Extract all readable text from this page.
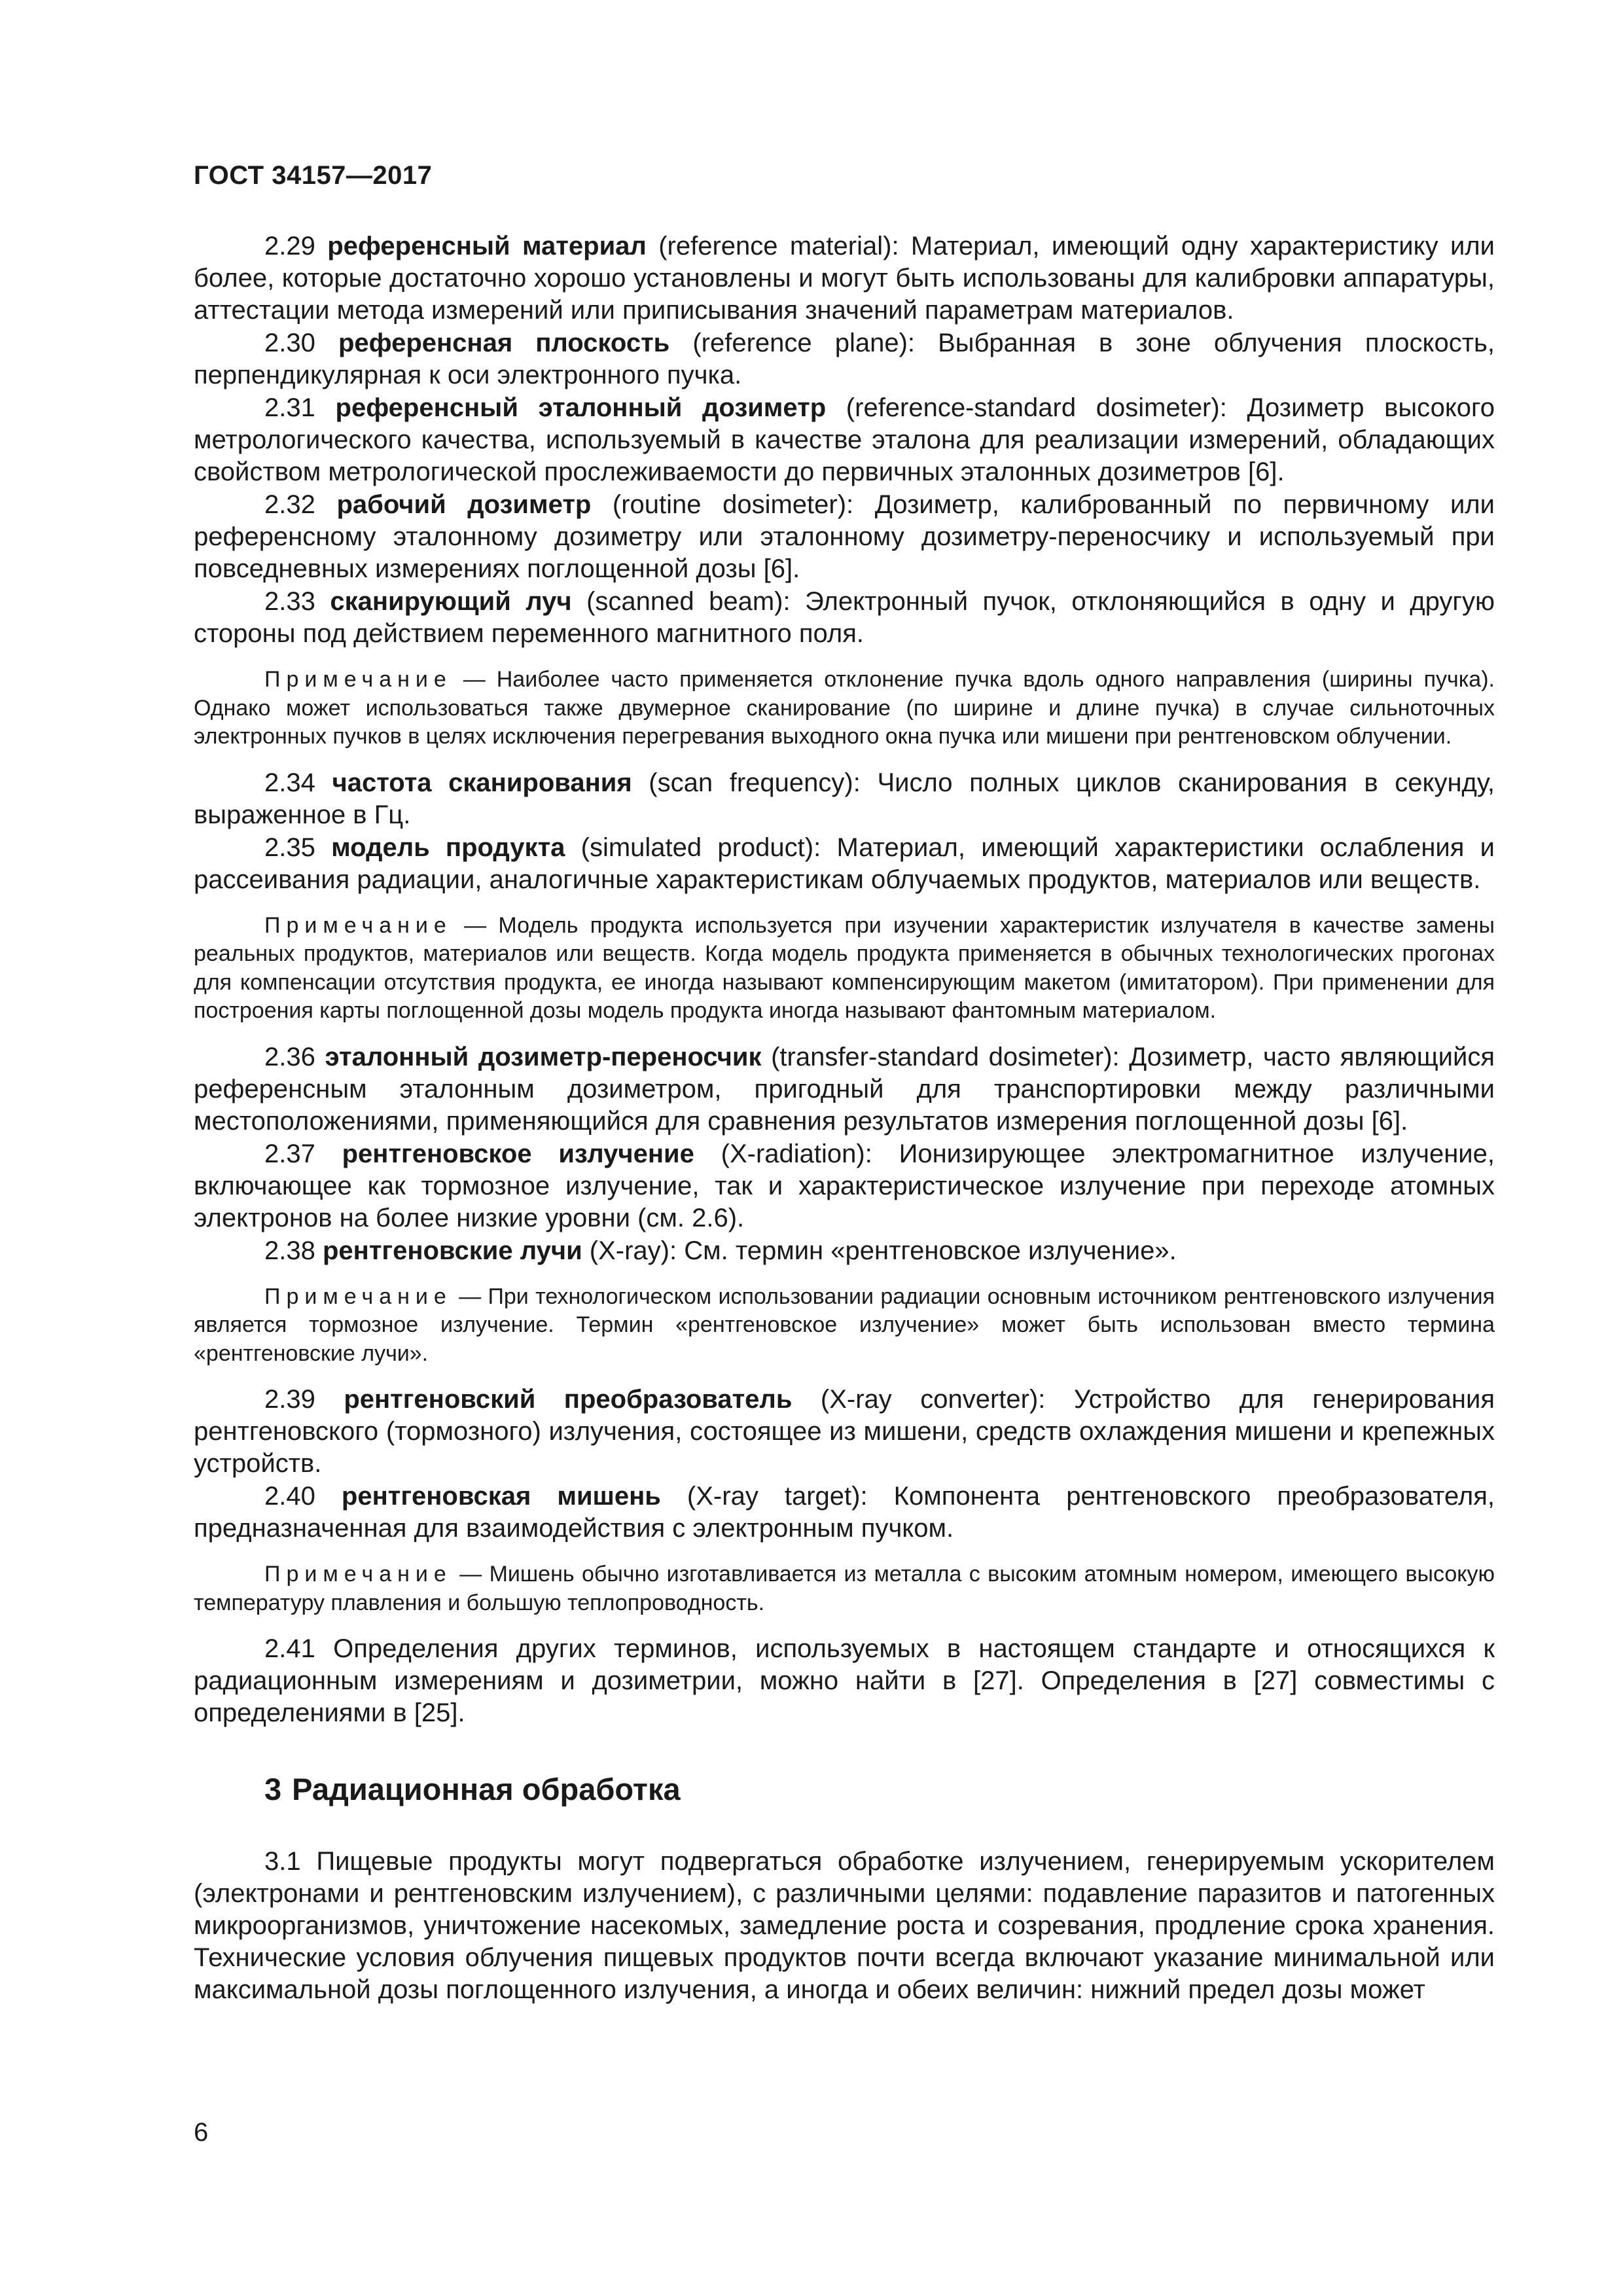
ГОСТ 34157—2017

2.29 референсный материал (reference material): Материал, имеющий одну характеристику или более, которые достаточно хорошо установлены и могут быть использованы для калибровки аппаратуры, аттестации метода измерений или приписывания значений параметрам материалов.

2.30 референсная плоскость (reference plane): Выбранная в зоне облучения плоскость, перпендикулярная к оси электронного пучка.

2.31 референсный эталонный дозиметр (reference-standard dosimeter): Дозиметр высокого метрологического качества, используемый в качестве эталона для реализации измерений, обладающих свойством метрологической прослеживаемости до первичных эталонных дозиметров [6].

2.32 рабочий дозиметр (routine dosimeter): Дозиметр, калиброванный по первичному или референсному эталонному дозиметру или эталонному дозиметру-переносчику и используемый при повседневных измерениях поглощенной дозы [6].

2.33 сканирующий луч (scanned beam): Электронный пучок, отклоняющийся в одну и другую стороны под действием переменного магнитного поля.

Примечание — Наиболее часто применяется отклонение пучка вдоль одного направления (ширины пучка). Однако может использоваться также двумерное сканирование (по ширине и длине пучка) в случае сильноточных электронных пучков в целях исключения перегревания выходного окна пучка или мишени при рентгеновском облучении.

2.34 частота сканирования (scan frequency): Число полных циклов сканирования в секунду, выраженное в Гц.

2.35 модель продукта (simulated product): Материал, имеющий характеристики ослабления и рассеивания радиации, аналогичные характеристикам облучаемых продуктов, материалов или веществ.

Примечание — Модель продукта используется при изучении характеристик излучателя в качестве замены реальных продуктов, материалов или веществ. Когда модель продукта применяется в обычных технологических прогонах для компенсации отсутствия продукта, ее иногда называют компенсирующим макетом (имитатором). При применении для построения карты поглощенной дозы модель продукта иногда называют фантомным материалом.

2.36 эталонный дозиметр-переносчик (transfer-standard dosimeter): Дозиметр, часто являющийся референсным эталонным дозиметром, пригодный для транспортировки между различными местоположениями, применяющийся для сравнения результатов измерения поглощенной дозы [6].

2.37 рентгеновское излучение (X-radiation): Ионизирующее электромагнитное излучение, включающее как тормозное излучение, так и характеристическое излучение при переходе атомных электронов на более низкие уровни (см. 2.6).

2.38 рентгеновские лучи (X-ray): См. термин «рентгеновское излучение».

Примечание — При технологическом использовании радиации основным источником рентгеновского излучения является тормозное излучение. Термин «рентгеновское излучение» может быть использован вместо термина «рентгеновские лучи».

2.39 рентгеновский преобразователь (X-ray converter): Устройство для генерирования рентгеновского (тормозного) излучения, состоящее из мишени, средств охлаждения мишени и крепежных устройств.

2.40 рентгеновская мишень (X-ray target): Компонента рентгеновского преобразователя, предназначенная для взаимодействия с электронным пучком.

Примечание — Мишень обычно изготавливается из металла с высоким атомным номером, имеющего высокую температуру плавления и большую теплопроводность.

2.41 Определения других терминов, используемых в настоящем стандарте и относящихся к радиационным измерениям и дозиметрии, можно найти в [27]. Определения в [27] совместимы с определениями в [25].

3 Радиационная обработка

3.1 Пищевые продукты могут подвергаться обработке излучением, генерируемым ускорителем (электронами и рентгеновским излучением), с различными целями: подавление паразитов и патогенных микроорганизмов, уничтожение насекомых, замедление роста и созревания, продление срока хранения. Технические условия облучения пищевых продуктов почти всегда включают указание минимальной или максимальной дозы поглощенного излучения, а иногда и обеих величин: нижний предел дозы может

6
